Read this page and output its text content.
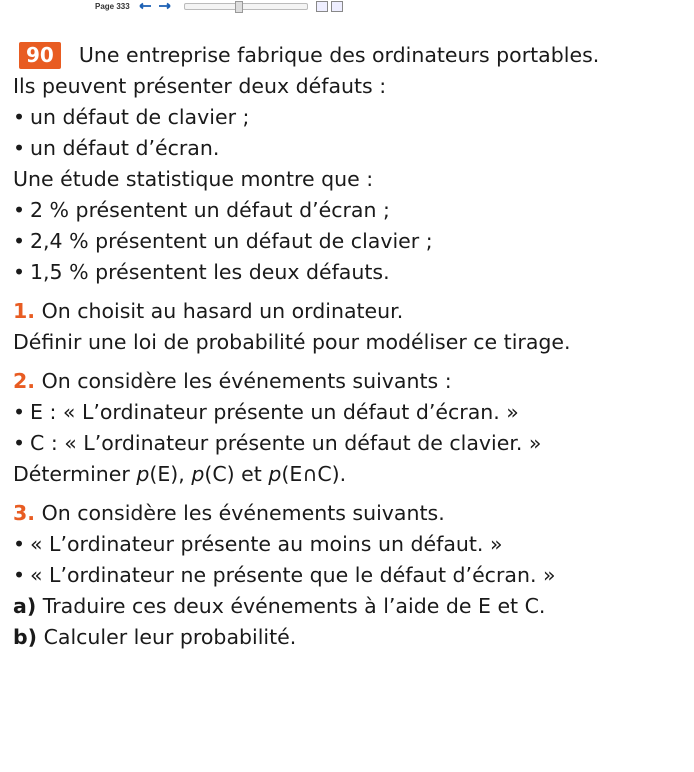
Page 333
90 Une entreprise fabrique des ordinateurs portables.
Ils peuvent présenter deux défauts :
• un défaut de clavier ;
• un défaut d’écran.
Une étude statistique montre que :
• 2 % présentent un défaut d’écran ;
• 2,4 % présentent un défaut de clavier ;
• 1,5 % présentent les deux défauts.
1. On choisit au hasard un ordinateur.
Définir une loi de probabilité pour modéliser ce tirage.
2. On considère les événements suivants :
• E : « L’ordinateur présente un défaut d’écran. »
• C : « L’ordinateur présente un défaut de clavier. »
Déterminer p(E), p(C) et p(E∩C).
3. On considère les événements suivants.
• « L’ordinateur présente au moins un défaut. »
• « L’ordinateur ne présente que le défaut d’écran. »
a) Traduire ces deux événements à l’aide de E et C.
b) Calculer leur probabilité.
